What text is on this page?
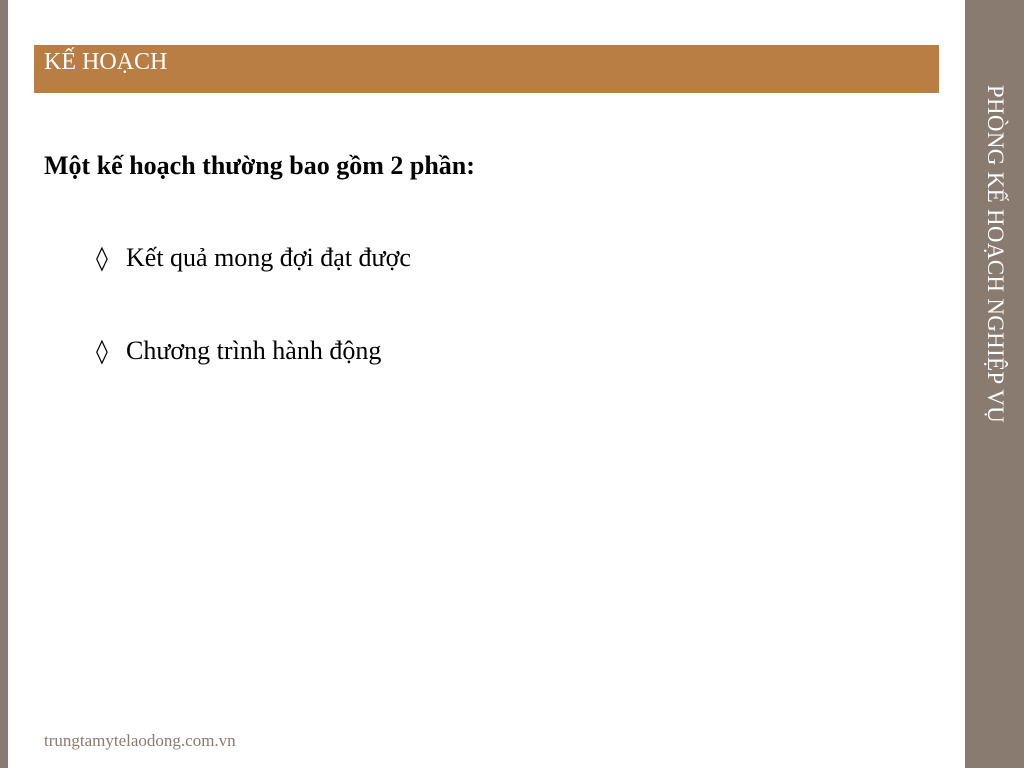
PHÒNG KẾ HOẠCH NGHIỆP VỤ
KẾ HOẠCH
Một kế hoạch thường bao gồm 2 phần:
◊ Kết quả mong đợi đạt được
◊ Chương trình hành động
trungtamytelaodong.com.vn
